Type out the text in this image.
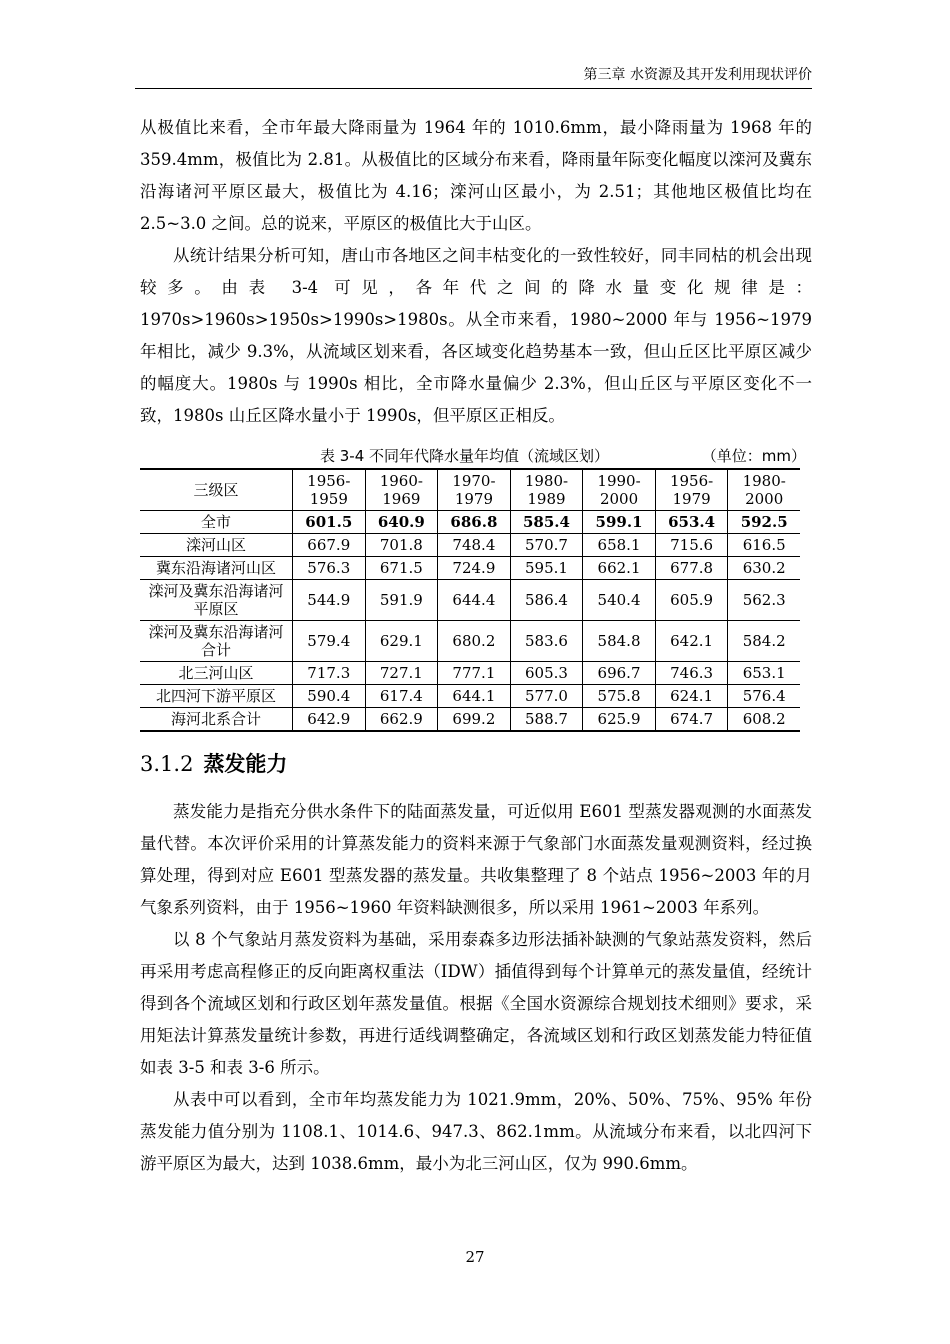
第三章 水资源及其开发利用现状评价

从极值比来看，全市年最大降雨量为 1964 年的 1010.6mm，最小降雨量为 1968 年的 359.4mm，极值比为 2.81。从极值比的区域分布来看，降雨量年际变化幅度以滦河及冀东沿海诸河平原区最大，极值比为 4.16；滦河山区最小，为 2.51；其他地区极值比均在 2.5~3.0 之间。总的说来，平原区的极值比大于山区。

从统计结果分析可知，唐山市各地区之间丰枯变化的一致性较好，同丰同枯的机会出现较多。由表 3-4 可见，各年代之间的降水量变化规律是：1970s>1960s>1950s>1990s>1980s。从全市来看，1980~2000 年与 1956~1979 年相比，减少 9.3%，从流域区划来看，各区域变化趋势基本一致，但山丘区比平原区减少的幅度大。1980s 与 1990s 相比，全市降水量偏少 2.3%，但山丘区与平原区变化不一致，1980s 山丘区降水量小于 1990s，但平原区正相反。

表 3-4 不同年代降水量年均值（流域区划）	（单位：mm）
三级区	1956-1959	1960-1969	1970-1979	1980-1989	1990-2000	1956-1979	1980-2000
全市	601.5	640.9	686.8	585.4	599.1	653.4	592.5
滦河山区	667.9	701.8	748.4	570.7	658.1	715.6	616.5
冀东沿海诸河山区	576.3	671.5	724.9	595.1	662.1	677.8	630.2
滦河及冀东沿海诸河平原区	544.9	591.9	644.4	586.4	540.4	605.9	562.3
滦河及冀东沿海诸河合计	579.4	629.1	680.2	583.6	584.8	642.1	584.2
北三河山区	717.3	727.1	777.1	605.3	696.7	746.3	653.1
北四河下游平原区	590.4	617.4	644.1	577.0	575.8	624.1	576.4
海河北系合计	642.9	662.9	699.2	588.7	625.9	674.7	608.2
3.1.2 蒸发能力

蒸发能力是指充分供水条件下的陆面蒸发量，可近似用 E601 型蒸发器观测的水面蒸发量代替。本次评价采用的计算蒸发能力的资料来源于气象部门水面蒸发量观测资料，经过换算处理，得到对应 E601 型蒸发器的蒸发量。共收集整理了 8 个站点 1956~2003 年的月气象系列资料，由于 1956~1960 年资料缺测很多，所以采用 1961~2003 年系列。

以 8 个气象站月蒸发资料为基础，采用泰森多边形法插补缺测的气象站蒸发资料，然后再采用考虑高程修正的反向距离权重法（IDW）插值得到每个计算单元的蒸发量值，经统计得到各个流域区划和行政区划年蒸发量值。根据《全国水资源综合规划技术细则》要求，采用矩法计算蒸发量统计参数，再进行适线调整确定，各流域区划和行政区划蒸发能力特征值如表 3-5 和表 3-6 所示。

从表中可以看到，全市年均蒸发能力为 1021.9mm，20%、50%、75%、95% 年份蒸发能力值分别为 1108.1、1014.6、947.3、862.1mm。从流域分布来看，以北四河下游平原区为最大，达到 1038.6mm，最小为北三河山区，仅为 990.6mm。

27
